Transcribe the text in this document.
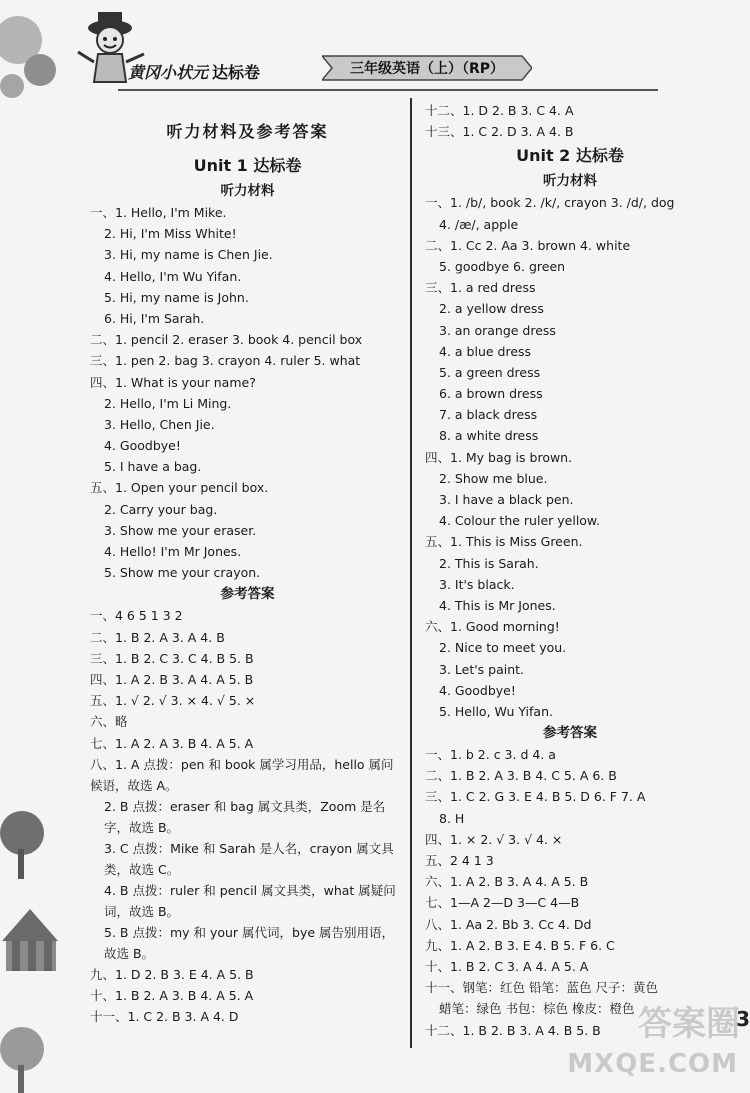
黄冈小状元 达标卷	三年级英语（上）（RP）
听力材料及参考答案
Unit 1 达标卷
听力材料
一、1. Hello, I'm Mike.
2. Hi, I'm Miss White!
3. Hi, my name is Chen Jie.
4. Hello, I'm Wu Yifan.
5. Hi, my name is John.
6. Hi, I'm Sarah.
二、1. pencil 2. eraser 3. book 4. pencil box
三、1. pen 2. bag 3. crayon 4. ruler 5. what
四、1. What is your name?
2. Hello, I'm Li Ming.
3. Hello, Chen Jie.
4. Goodbye!
5. I have a bag.
五、1. Open your pencil box.
2. Carry your bag.
3. Show me your eraser.
4. Hello! I'm Mr Jones.
5. Show me your crayon.
参考答案
一、4 6 5 1 3 2
二、1. B 2. A 3. A 4. B
三、1. B 2. C 3. C 4. B 5. B
四、1. A 2. B 3. A 4. A 5. B
五、1. √ 2. √ 3. × 4. √ 5. ×
六、略
七、1. A 2. A 3. B 4. A 5. A
八、1. A 点拨：pen 和 book 属学习用品，hello 属问候语，故选 A。
2. B 点拨：eraser 和 bag 属文具类，Zoom 是名字，故选 B。
3. C 点拨：Mike 和 Sarah 是人名，crayon 属文具类，故选 C。
4. B 点拨：ruler 和 pencil 属文具类，what 属疑问词，故选 B。
5. B 点拨：my 和 your 属代词，bye 属告别用语，故选 B。
九、1. D 2. B 3. E 4. A 5. B
十、1. B 2. A 3. B 4. A 5. A
十一、1. C 2. B 3. A 4. D
十二、1. D 2. B 3. C 4. A
十三、1. C 2. D 3. A 4. B
Unit 2 达标卷
听力材料
一、1. /b/, book 2. /k/, crayon 3. /d/, dog
4. /æ/, apple
二、1. Cc 2. Aa 3. brown 4. white
5. goodbye 6. green
三、1. a red dress
2. a yellow dress
3. an orange dress
4. a blue dress
5. a green dress
6. a brown dress
7. a black dress
8. a white dress
四、1. My bag is brown.
2. Show me blue.
3. I have a black pen.
4. Colour the ruler yellow.
五、1. This is Miss Green.
2. This is Sarah.
3. It's black.
4. This is Mr Jones.
六、1. Good morning!
2. Nice to meet you.
3. Let's paint.
4. Goodbye!
5. Hello, Wu Yifan.
参考答案
一、1. b 2. c 3. d 4. a
二、1. B 2. A 3. B 4. C 5. A 6. B
三、1. C 2. G 3. E 4. B 5. D 6. F 7. A
8. H
四、1. × 2. √ 3. √ 4. ×
五、2 4 1 3
六、1. A 2. B 3. A 4. A 5. B
七、1—A 2—D 3—C 4—B
八、1. Aa 2. Bb 3. Cc 4. Dd
九、1. A 2. B 3. E 4. B 5. F 6. C
十、1. B 2. C 3. A 4. A 5. A
十一、钢笔：红色 铅笔：蓝色 尺子：黄色
蜡笔：绿色 书包：棕色 橡皮：橙色
十二、1. B 2. B 3. A 4. B 5. B	3
答案圈
MXQE.COM
